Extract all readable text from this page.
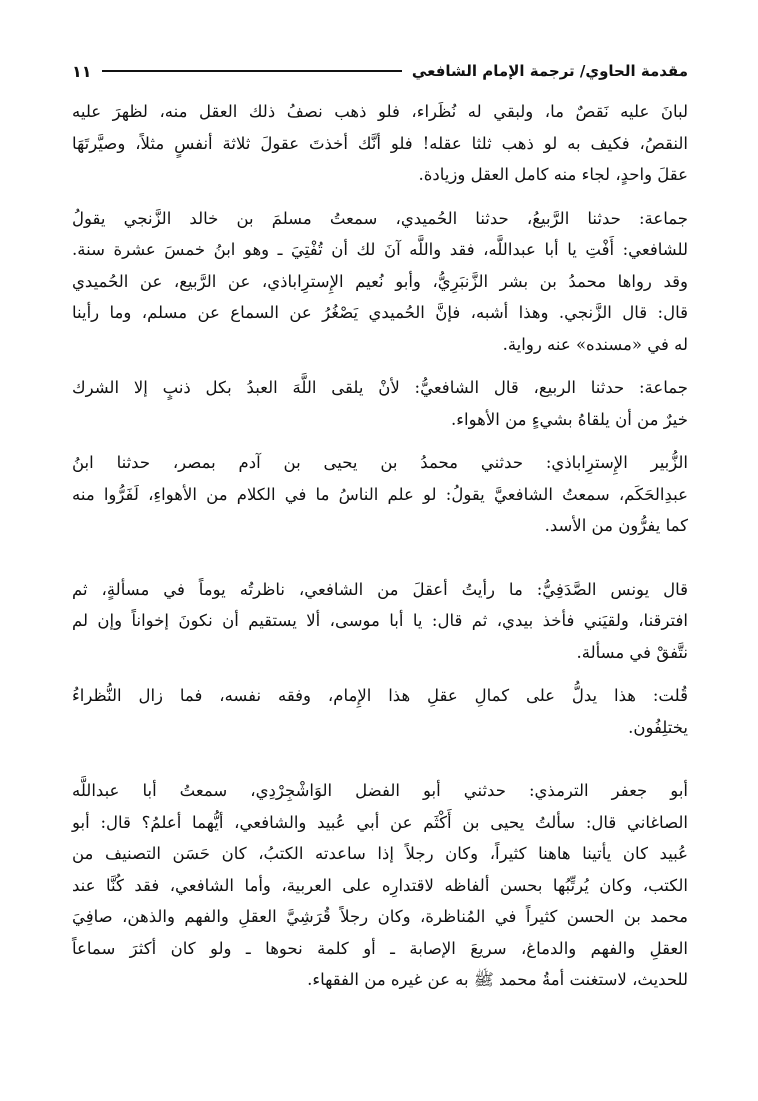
مقدمة الحاوي/ ترجمة الإمام الشافعي
١١

لبانَ عليه نَقصٌ ما، ولبقي له نُظَراء، فلو ذهب نصفُ ذلك العقل منه، لظهرَ عليه
النقصُ، فكيف به لو ذهب ثلثا عقله! فلو أنَّك أخذتَ عقولَ ثلاثة أنفسٍ مثلاً، وصيَّرتَهَا
عقلَ واحدٍ، لجاء منه كامل العقل وزيادة.

جماعة: حدثنا الرَّبيعُ، حدثنا الحُميدي، سمعتُ مسلمَ بن خالد الزَّنجي يقولُ
للشافعي: أَفْتِ يا أبا عبداللَّه، فقد واللَّه آنَ لك أن تُفْتِيَ ـ وهو ابنُ خمسَ عشرة سنة.
وقد رواها محمدُ بن بشر الزَّنبَرِيُّ، وأبو نُعيم الإِسترِاباذي، عن الرَّبيع، عن الحُميدي
قال: قال الزَّنجي. وهذا أشبه، فإنَّ الحُميدي يَصْغُرُ عن السماع عن مسلم، وما رأينا
له في «مسنده» عنه رواية.

جماعة: حدثنا الربيع، قال الشافعيُّ: لأنْ يلقى اللَّهَ العبدُ بكل ذنبٍ إلا الشرك
خيرٌ من أن يلقاهُ بشيءٍ من الأهواء.

الزُّبير الإِسترِاباذي: حدثني محمدُ بن يحيى بن آدم بمصر، حدثنا ابنُ
عبدِالحَكَم، سمعتُ الشافعيَّ يقولُ: لو علم الناسُ ما في الكلام من الأهواءِ، لَفَرُّوا منه
كما يفرُّون من الأسد.

قال يونس الصَّدَفِيُّ: ما رأيتُ أعقلَ من الشافعي، ناظرتُه يوماً في مسألةٍ، ثم
افترقنا، ولقيَني فأخذ بيدي، ثم قال: يا أبا موسى، ألا يستقيم أن نكونَ إخواناً وإن لم
نتَّفقْ في مسألة.

قُلت: هذا يدلُّ على كمالِ عقلِ هذا الإِمام، وفقه نفسه، فما زال النُّظراءُ
يختلِفُون.

أبو جعفر الترمذي: حدثني أبو الفضل الوَاشْجِرْدِي، سمعتُ أبا عبداللَّه
الصاغاني قال: سألتُ يحيى بن أَكْثَم عن أبي عُبيد والشافعي، أيُّهما أعلمُ؟ قال: أبو
عُبيد كان يأتينا هاهنا كثيراً، وكان رجلاً إذا ساعدته الكتبُ، كان حَسَن التصنيف من
الكتب، وكان يُرتِّبُها بحسن ألفاظه لاقتدارِه على العربية، وأما الشافعي، فقد كُنَّا عند
محمد بن الحسن كثيراً في المُناظرة، وكان رجلاً قُرَشِيَّ العقلِ والفهم والذهن، صافِيَ
العقلِ والفهم والدماغ، سريعَ الإصابة ـ أو كلمة نحوها ـ ولو كان أكثرَ سماعاً
للحديث، لاستغنت أمةُ محمد ﷺ به عن غيره من الفقهاء.
